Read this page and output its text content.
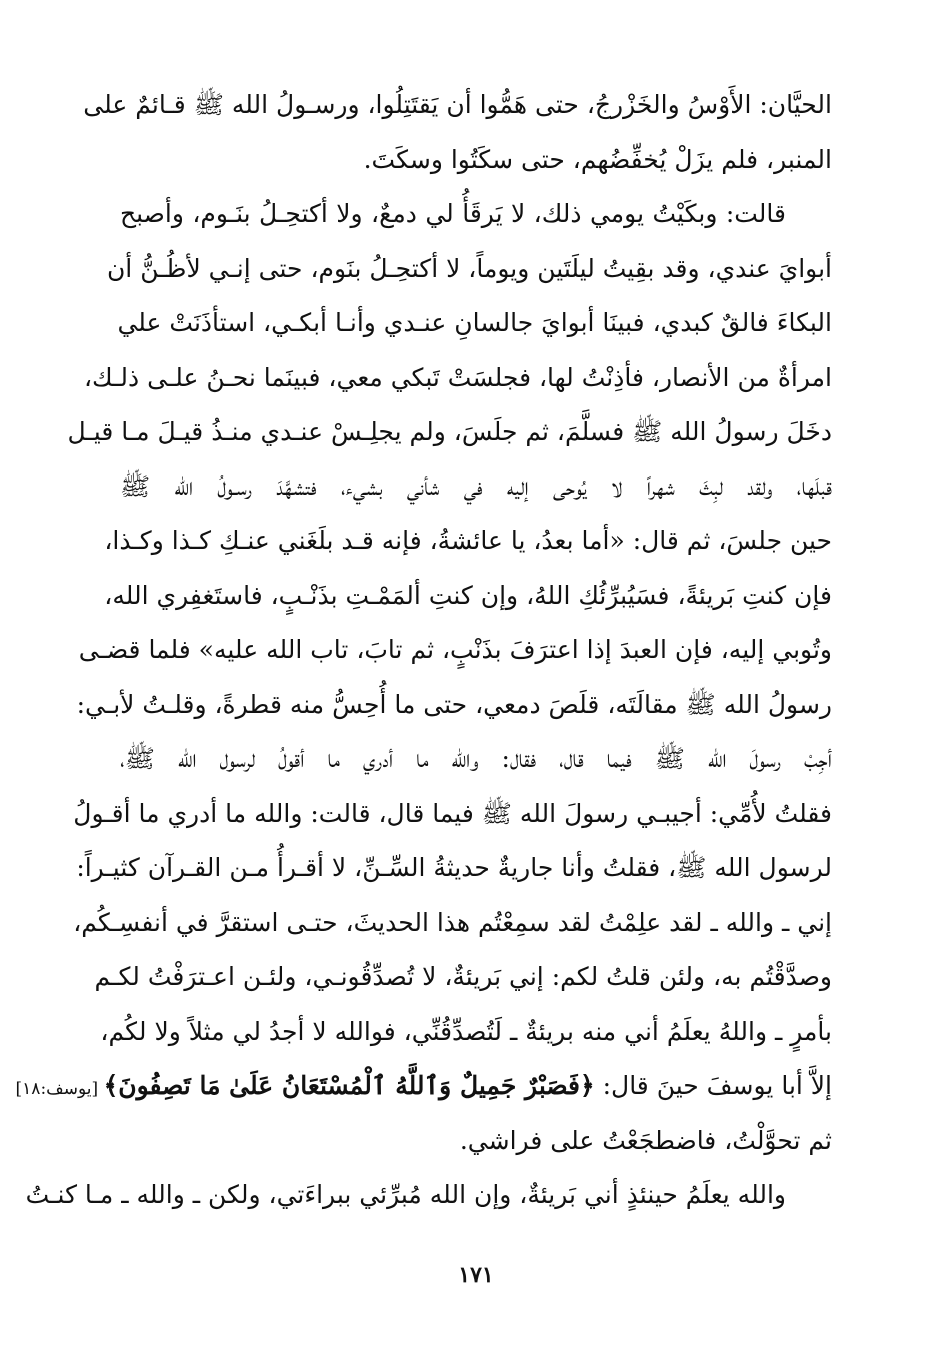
الحيَّان: الأَوْسُ والخَزْرجُ، حتى هَمُّوا أن يَقتَتِلُوا، ورسـولُ الله ﷺ قـائمٌ على
المنبر، فلم يزَلْ يُخفِّضُهم، حتى سكَتُوا وسكَتَ.
قالت: وبكَيْتُ يومي ذلك، لا يَرقَأُ لي دمعٌ، ولا أكتحِـلُ بنَـوم، وأصبح
أبوايَ عندي، وقد بقِيتُ ليلَتَين ويوماً، لا أكتحِـلُ بنَوم، حتى إنـي لأظُـنُّ أن
البكاءَ فالقٌ كبدي، فبينَا أبوايَ جالسانِ عنـدي وأنـا أبكـي، استأذَنَتْ علي
امرأةٌ من الأنصار، فأذِنْتُ لها، فجلسَتْ تَبكي معي، فبينَما نحـنُ علـى ذلـك،
دخَلَ رسولُ الله ﷺ فسلَّمَ، ثم جلَسَ، ولم يجلِـسْ عنـدي منـذُ قيـلَ مـا قيـل
قبلَها، ولقد لبِثَ شهراً لا يُوحى إليه في شأني بشيء، فتشهَّدَ رسـولُ الله ﷺ
حين جلسَ، ثم قال: «أما بعدُ، يا عائشةُ، فإنه قـد بلَغَني عنـكِ كـذا وكـذا،
فإن كنتِ بَريئةً، فسَيُبرِّئُكِ اللهُ، وإن كنتِ ألمَمْـتِ بذَنْـبٍ، فاستَغفِري الله،
وتُوبي إليه، فإن العبدَ إذا اعترَفَ بذَنْبٍ، ثم تابَ، تاب الله عليه» فلما قضـى
رسولُ الله ﷺ مقالَتَه، قلَصَ دمعي، حتى ما أُحِسُّ منه قطرةً، وقلـتُ لأبـي:
أجِبْ رسولَ الله ﷺ فيما قال، فقال: والله ما أدري ما أقولُ لرسول الله ﷺ،
فقلتُ لأُمِّي: أجيبـي رسولَ الله ﷺ فيما قال، قالت: والله ما أدري ما أقـولُ
لرسول الله ﷺ، فقلتُ وأنا جاريةٌ حديثةُ السِّـنِّ، لا أقـرأُ مـن القـرآن كثيـراً:
إني ـ والله ـ لقد علِمْتُ لقد سمِعْتُم هذا الحديثَ، حتـى استقرَّ في أنفسِـكُم،
وصدَّقْتُم به، ولئن قلتُ لكم: إني بَريئةٌ، لا تُصدِّقُونـي، ولئـن اعـترَفْتُ لكـم
بأمرٍ ـ واللهُ يعلَمُ أني منه بريئةٌ ـ لَتُصدِّقُنِّي، فوالله لا أجدُ لي مثلاً ولا لكُم،
إلاَّ أبا يوسفَ حينَ قال: ﴿فَصَبْرٌ جَمِيلٌ وَٱللَّهُ ٱلْمُسْتَعَانُ عَلَىٰ مَا تَصِفُونَ﴾ [يوسف:١٨]
ثم تحوَّلْتُ، فاضطجَعْتُ على فراشي.
والله يعلَمُ حينئذٍ أني بَريئةٌ، وإن الله مُبرِّئي ببراءَتي، ولكن ـ والله ـ مـا كنـتُ
١٧١
